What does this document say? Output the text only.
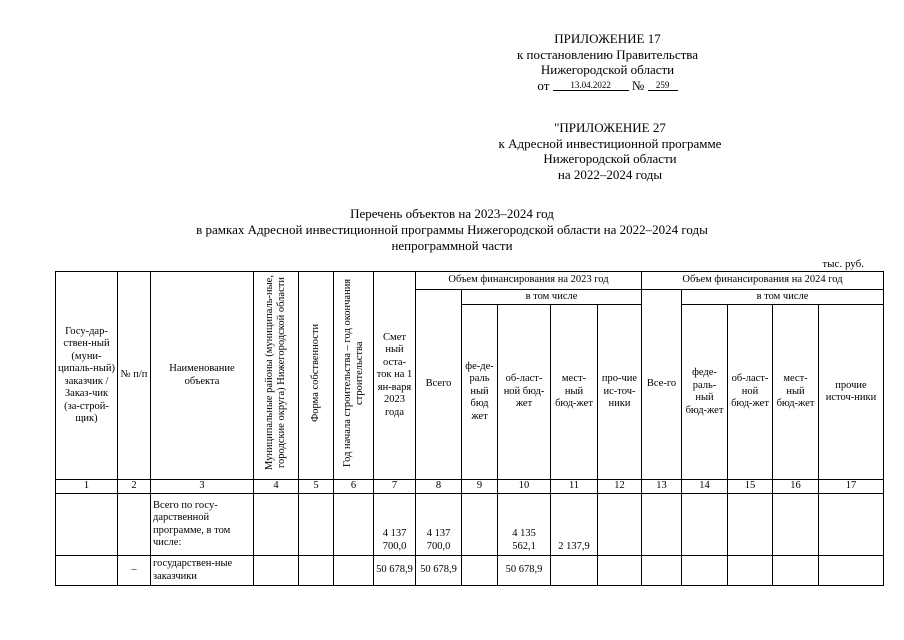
ПРИЛОЖЕНИЕ 17
к постановлению Правительства
Нижегородской области
от 13.04.2022 № 259
"ПРИЛОЖЕНИЕ 27
к Адресной инвестиционной программе
Нижегородской области
на 2022–2024 годы
Перечень объектов на 2023–2024 год
в рамках Адресной инвестиционной программы Нижегородской области на 2022–2024 годы
непрограммной части
тыс. руб.
Госу-дар-ствен-ный (муни-ципаль-ный) заказчик / Заказ-чик (за-строй-щик)	№ п/п	Наименование объекта	Муниципальные районы (муниципаль-ные, городские округа) Нижегородской области	Форма собственности	Год начала строительства – год окончания строительства	Смет ный оста-ток на 1 ян-варя 2023 года	Объем финансирования на 2023 год					Объем финансирования на 2024 год				
							Всего	в том числе				Все-го	в том числе			
								фе-де-раль ный бюд жет	об-ласт-ной бюд-жет	мест-ный бюд-жет	про-чие ис-точ-ники		феде-раль-ный бюд-жет	об-ласт-ной бюд-жет	мест-ный бюд-жет	прочие источ-ники
1	2	3	4	5	6	7	8	9	10	11	12	13	14	15	16	17
		Всего по госу-дарственной программе, в том числе:				4 137 700,0	4 137 700,0		4 135 562,1	2 137,9						
	–	государствен-ные заказчики				50 678,9	50 678,9		50 678,9							
